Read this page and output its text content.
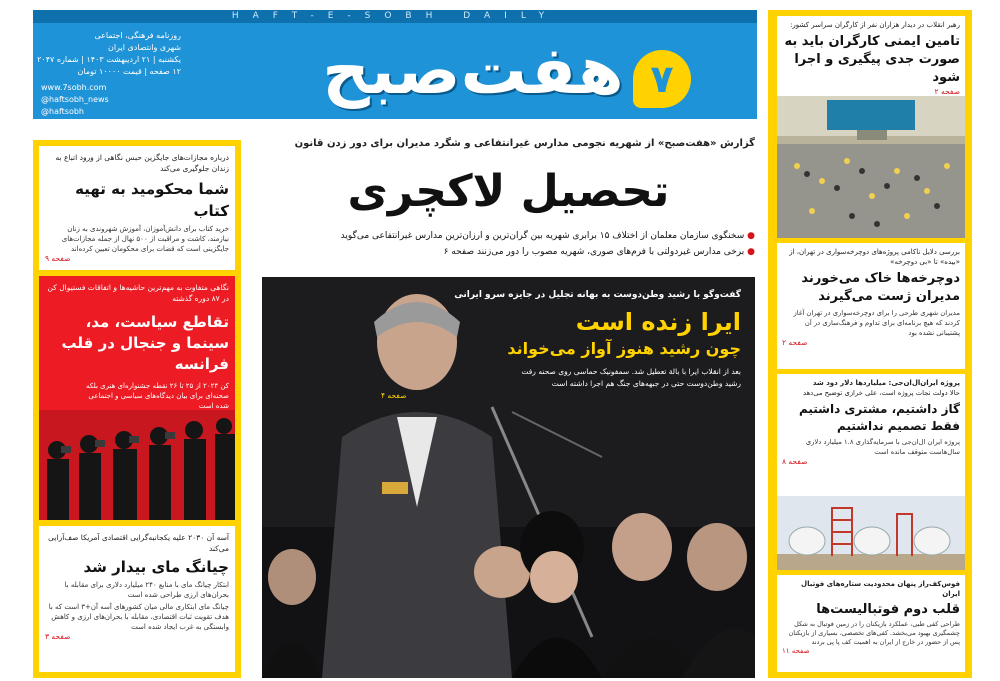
HAFT-E-SOBH DAILY
هفت‌صبح ۷
روزنامه فرهنگی، اجتماعی
شهری وانتصادی ایران
یکشنبه | ۲۱ اردیبهشت ۱۴۰۳ | شماره ۲۰۴۷
۱۲ صفحه | قیمت ۱۰۰۰۰ تومان
www.7sobh.com
@haftsobh_news
@haftsobh
گزارش «هفت‌صبح» از شهریه نجومی مدارس غیرانتفاعی و شگرد مدیران برای دور زدن قانون
تحصیل لاکچری
● سخنگوی سازمان معلمان از اختلاف ۱۵ برابری شهریه بین گران‌ترین و ارزان‌ترین مدارس غیرانتفاعی می‌گوید
● برخی مدارس غیردولتی با فرم‌های صوری، شهریه مصوب را دور می‌زنند صفحه ۶
گفت‌وگو با رشید وطن‌دوست به بهانه تجلیل در جایزه سرو ایرانی
ایرا زنده است
چون رشید هنوز آواز می‌خواند
بعد از انقلاب ایرا با بالة تعطیل شد. سمفونیک حماسی روی صحنه رفت
رشید وطن‌دوست حتی در جبهه‌های جنگ هم اجرا داشته است
صفحه ۴
درباره مجازات‌های جایگزین حبس نگاهی از ورود اتباع به زندان جلوگیری می‌کند
شما محکومید به تهیه کتاب
خرید کتاب برای دانش‌آموزان، آموزش شهروندی به زنان نیازمند، کاشت و مراقبت از ۵۰۰ نهال از جمله مجازات‌های جایگزینی است که قضات برای محکومان تعیین کرده‌اند
صفحه ۹
نگاهی متفاوت به مهم‌ترین حاشیه‌ها و اتفاقات فستیوال کن در ۸۷ دوره گذشته
تقاطع سیاست، مد، سینما و جنجال در قلب فرانسه
کن ۲۰۲۴ از ۲۵ تا ۲۶ نقطه جشنواره‌ای هنری بلکه صحنه‌ای برای بیان دیدگاه‌های سیاسی و اجتماعی شده است
آسه آن ۲۰۳۰ علیه یکجانبه‌گرایی اقتصادی آمریکا صف‌آرایی می‌کند
چیانگ مای بیدار شد
ابتکار چیانگ مای با منابع ۲۴۰ میلیارد دلاری برای مقابله با بحران‌های ارزی طراحی شده است
چیانگ مای ابتکاری مالی میان کشورهای آسه آن+۳ است که با هدف تقویت ثبات اقتصادی، مقابله با بحران‌های ارزی و کاهش وابستگی به غرب ایجاد شده است
صفحه ۳
رهبر انقلاب در دیدار هزاران نفر از کارگران سراسر کشور:
تامین ایمنی کارگران باید به صورت جدی پیگیری و اجرا شود
صفحه ۲
بررسی دلایل ناکامی پروژه‌های دوچرخه‌سواری در تهران، از «بیده» تا «بی دوچرخه»
دوچرخه‌ها خاک می‌خورند مدیران ژست می‌گیرند
مدیران شهری طرحی را برای دوچرخه‌سواری در تهران آغاز کردند که هیچ برنامه‌ای برای تداوم و فرهنگ‌سازی در آن پشتیبانی نشده بود
صفحه ۲
پروژه ایران‌ال‌ان‌جی: میلیاردها دلار دود شد
حالا دولت نجات پروژه است، علی‌ خرازی توضیح می‌دهد
گاز داشتیم، مشتری داشتیم فقط تصمیم نداشتیم
پروژه ایران ال‌ان‌جی با سرمایه‌گذاری ۱.۸ میلیارد دلاری سال‌هاست متوقف مانده است
صفحه ۸
فوس‌کف‌راز پنهان محدودیت ستاره‌های فوتبال ایران
قلب دوم فوتبالیست‌ها
طراحی کفی طبی، عملکرد بازیکنان را در زمین فوتبال به شکل چشمگیری بهبود می‌بخشد. کفی‌های تخصصی، بسیاری از بازیکنان پس از حضور در خارج از ایران به اهمیت کف پا پی بردند
صفحه ۱۱
